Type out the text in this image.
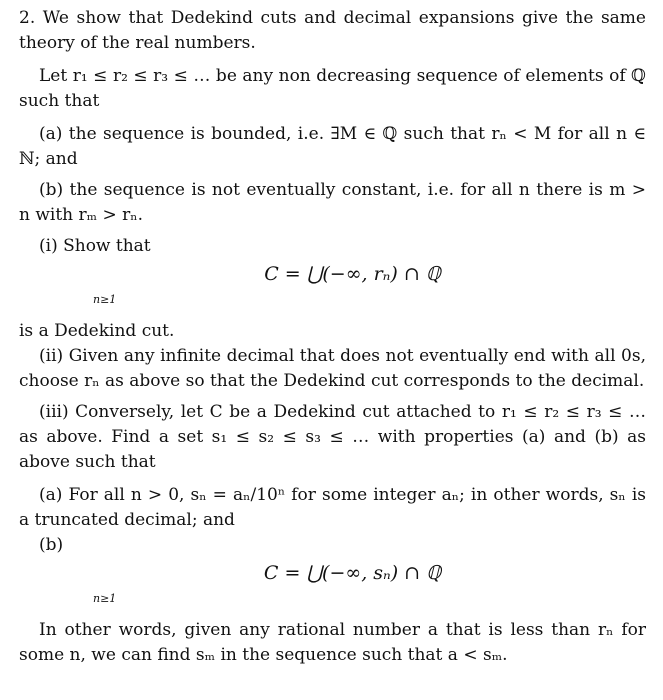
2. We show that Dedekind cuts and decimal expansions give the same theory of the real numbers.

Let r₁ ≤ r₂ ≤ r₃ ≤ … be any non decreasing sequence of elements of ℚ such that

(a) the sequence is bounded, i.e. ∃M ∈ ℚ such that rₙ < M for all n ∈ ℕ; and

(b) the sequence is not eventually constant, i.e. for all n there is m > n with rₘ > rₙ.

(i) Show that

C = ⋃(−∞, rₙ) ∩ ℚ
n≥1

is a Dedekind cut.

(ii) Given any infinite decimal that does not eventually end with all 0s, choose rₙ as above so that the Dedekind cut corresponds to the decimal.

(iii) Conversely, let C be a Dedekind cut attached to r₁ ≤ r₂ ≤ r₃ ≤ … as above. Find a set s₁ ≤ s₂ ≤ s₃ ≤ … with properties (a) and (b) as above such that

(a) For all n > 0, sₙ = aₙ/10ⁿ for some integer aₙ; in other words, sₙ is a truncated decimal; and

(b)

C = ⋃(−∞, sₙ) ∩ ℚ
n≥1

In other words, given any rational number a that is less than rₙ for some n, we can find sₘ in the sequence such that a < sₘ.
